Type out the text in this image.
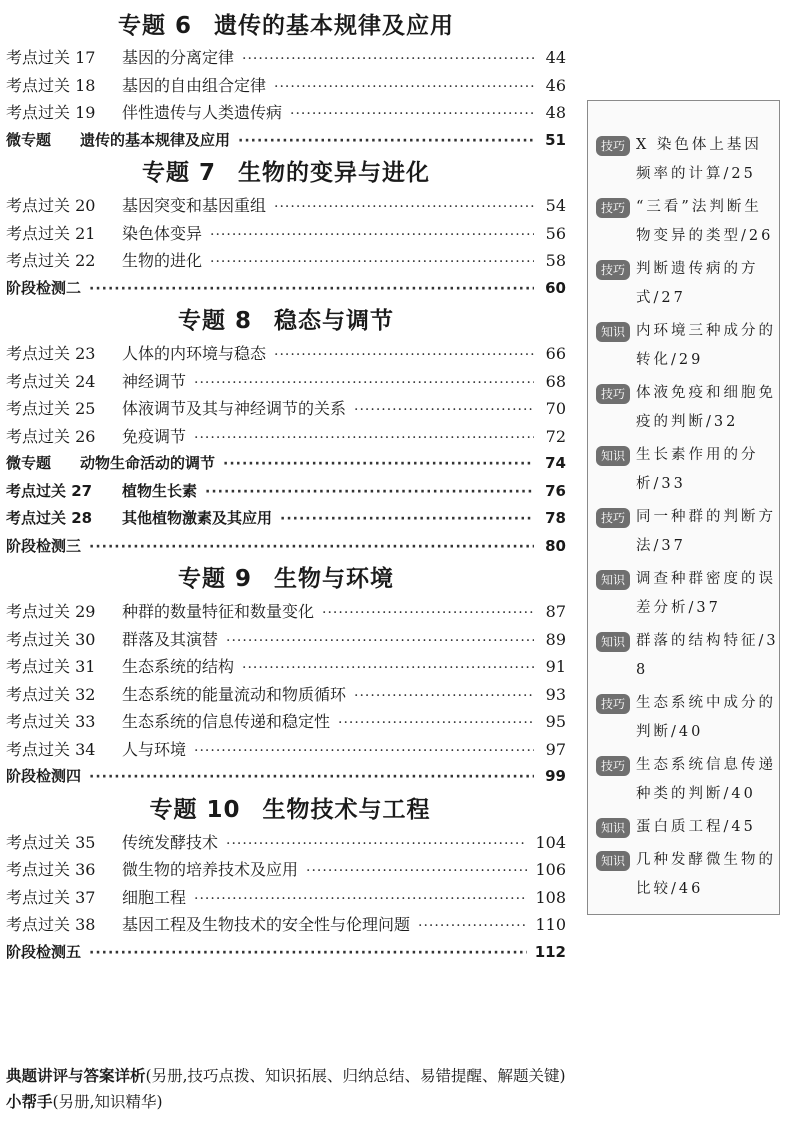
专题 6 遗传的基本规律及应用
考点过关 17	基因的分离定律 ·····	44
考点过关 18	基因的自由组合定律 ·····	46
考点过关 19	伴性遗传与人类遗传病 ·····	48
微专题	遗传的基本规律及应用 ·····	51
专题 7 生物的变异与进化
考点过关 20	基因突变和基因重组 ·····	54
考点过关 21	染色体变异 ·····	56
考点过关 22	生物的进化 ·····	58
阶段检测二 ·····	60
专题 8 稳态与调节
考点过关 23	人体的内环境与稳态 ·····	66
考点过关 24	神经调节 ·····	68
考点过关 25	体液调节及其与神经调节的关系 ·····	70
考点过关 26	免疫调节 ·····	72
微专题	动物生命活动的调节 ·····	74
考点过关 27	植物生长素 ·····	76
考点过关 28	其他植物激素及其应用 ·····	78
阶段检测三 ·····	80
专题 9 生物与环境
考点过关 29	种群的数量特征和数量变化 ·····	87
考点过关 30	群落及其演替 ·····	89
考点过关 31	生态系统的结构 ·····	91
考点过关 32	生态系统的能量流动和物质循环 ·····	93
考点过关 33	生态系统的信息传递和稳定性 ·····	95
考点过关 34	人与环境 ·····	97
阶段检测四 ·····	99
专题 10 生物技术与工程
考点过关 35	传统发酵技术 ·····	104
考点过关 36	微生物的培养技术及应用 ·····	106
考点过关 37	细胞工程 ·····	108
考点过关 38	基因工程及生物技术的安全性与伦理问题 ·····	110
阶段检测五 ·····	112
典题讲评与答案详析(另册,技巧点拨、知识拓展、归纳总结、易错提醒、解题关键)
小帮手(另册,知识精华)
技巧 X 染色体上基因频率的计算/25
技巧 “三看”法判断生物变异的类型/26
技巧 判断遗传病的方式/27
知识 内环境三种成分的转化/29
技巧 体液免疫和细胞免疫的判断/32
知识 生长素作用的分析/33
技巧 同一种群的判断方法/37
知识 调查种群密度的误差分析/37
知识 群落的结构特征/38
技巧 生态系统中成分的判断/40
技巧 生态系统信息传递种类的判断/40
知识 蛋白质工程/45
知识 几种发酵微生物的比较/46
